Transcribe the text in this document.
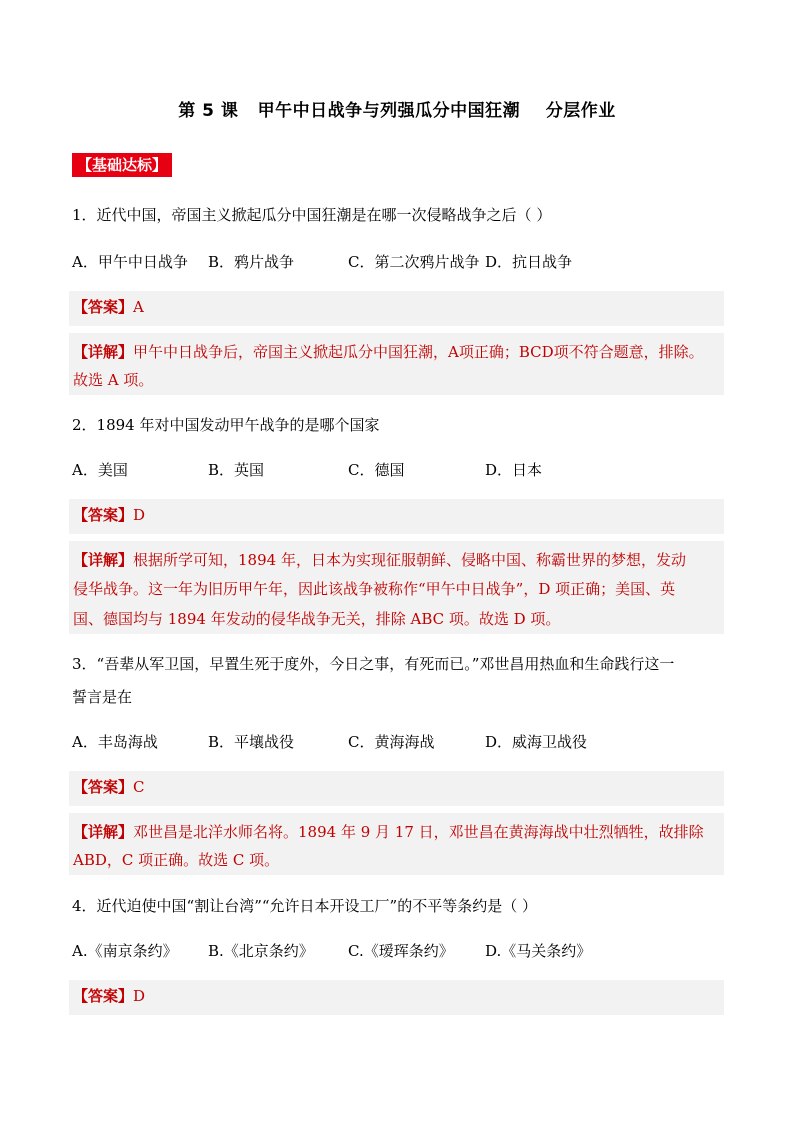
第 5 课   甲午中日战争与列强瓜分中国狂潮    分层作业
【基础达标】
1．近代中国，帝国主义掀起瓜分中国狂潮是在哪一次侵略战争之后（ ）
A．甲午中日战争 B．鸦片战争	C．第二次鸦片战争 D．抗日战争
【答案】A
【详解】甲午中日战争后，帝国主义掀起瓜分中国狂潮，A项正确；BCD项不符合题意，排除。
故选 A 项。
2．1894 年对中国发动甲午战争的是哪个国家
A．美国	B．英国	C．德国	D．日本
【答案】D
【详解】根据所学可知，1894 年，日本为实现征服朝鲜、侵略中国、称霸世界的梦想，发动
侵华战争。这一年为旧历甲午年，因此该战争被称作“甲午中日战争”，D 项正确；美国、英
国、德国均与 1894 年发动的侵华战争无关，排除 ABC 项。故选 D 项。
3．“吾辈从军卫国，早置生死于度外，今日之事，有死而已。”邓世昌用热血和生命践行这一
誓言是在
A．丰岛海战	B．平壤战役	C．黄海海战	D．威海卫战役
【答案】C
【详解】邓世昌是北洋水师名将。1894 年 9 月 17 日，邓世昌在黄海海战中壮烈牺牲，故排除
ABD，C 项正确。故选 C 项。
4．近代迫使中国“割让台湾”“允许日本开设工厂”的不平等条约是（ ）
A.《南京条约》 B.《北京条约》 C.《瑷珲条约》 D.《马关条约》
【答案】D
